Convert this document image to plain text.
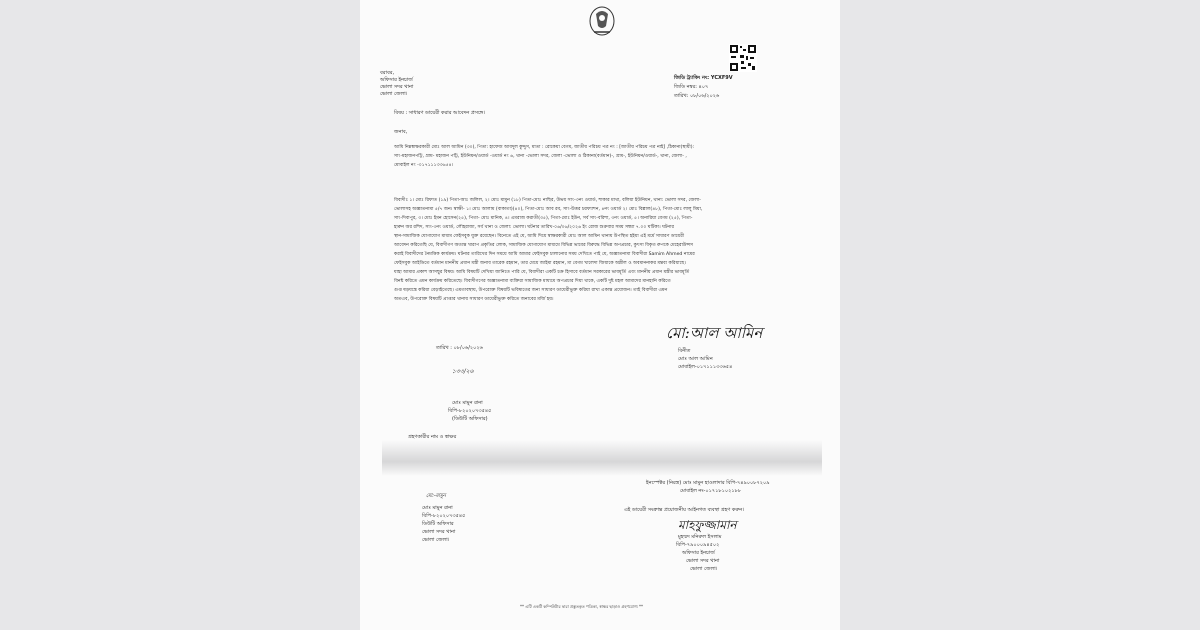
বরাবর,
অফিসার ইনচার্জ
ভোলা সদর থানা
ভোলা জেলা।
জিডি ট্র্যাকিং নং: YCXF9V
জিডি নম্বর: ৪০৭
তারিখ: ০৮/০৬/২০২৬
বিষয় : সাধারণ ডায়েরী করার আবেদন প্রসঙ্গে।
জনাব,
আমি নিম্নস্বাক্ষরকারী মোঃ আল আমিন (৩০), পিতা: হাফেজ আবদুল কুদ্দুস, মাতা : রোকেয়া বেগম, জাতীয় পরিচয় পত্র নং : [জাতীয় পরিচয় পত্র নাই] ,ঠিকানা(স্থায়ী):
সাং-মহাজনপট্টি, গ্রাম- মহাজন পট্টি, ইউনিয়ন/ওয়ার্ড -ওয়ার্ড নং ৬, থানা -ভোলা সদর, জেলা -ভোলা ও ঠিকানা(বর্তমান)-, গ্রাম-, ইউনিয়ন/ওয়ার্ড-, থানা, জেলা- ,
মোবাইল নং -০১৭১১১৩৩৬৫৪।
বিবাদীঃ ১। মোঃ রিফাত (১৯) পিতা-আঃ জলিল, ২। মোঃ মামুন (১৮) পিতা-মোঃ নাছির, উভয় সাং-৩নং ওয়ার্ড, শাকার মাথা, বলিয়া ইউনিয়ন, থানা: ভোলা সদর, জেলা-
ভোলাসহ অজ্ঞাতনামা ৫/৭ জন। স্বাক্ষী- ১। মোঃ আলাম (বাকাতা)(৪০), পিতা-মোঃ আব রব, সাং-উত্তর চরফ্যাশন, ৪নং ওয়ার্ড ২। মোঃ বিল্লাল(৪৮), পিতা-মোঃ লালু মিয়া,
সাং-দিবাপুর, ৩। মোঃ ইমন হোসেন(২৫), পিতা- মোঃ মানিক, ৪। এমরাজ করাতী(৩৫), পিতা-মোঃ ইউন, সর্ব সাং-বরিশা, ৩নং ওয়ার্ড, ৫। অনারিয়া বেগম (২৫), পিতা-
হারুন অর রশিদ, সাং-৩নং ওয়ার্ড, লৌহরাজা, সর্ব থানা ও জেলা: ভোলা। ঘটনার তারিখ-০৬/০৬/২০২৬ ইং রোজ শুক্রবার সময় সন্ধ্যা ৭.০০ ঘটিকা। ঘটনার
স্থান-সামাজিক যোগাযোগ মাধ্যম ফেইসবুক যুক্ত রয়েছেন। বিনেতে এই যে, আমি দিয়ে স্বাক্ষরকারী মোঃ আল আমিন থানায় উপস্থিত হইয়া এই মর্মে সাধারণ ডায়েরী
আবেদন করিতেছি যে, বিবাদীগণ অত্যন্ত খারাপ প্রকৃতির লোক, সামাজিক যোগাযোগ মাধ্যমে বিভিন্ন ভাবের বিরুদ্ধে বিভিন্ন অপপ্রচার, কুৎসা বিকৃত রুপকে মেহেরাউন্সস
করাই বিবাদীদের নৈমত্তিক কার্যক্রম। ঘটনার তারিখের দিন সময়ে আমি আমার ফেইসবুক চালানোর সময় দেখিতে পাই যে, অজ্ঞাতনামা বিবাদীরা Samim Ahmed নামের
ফেইসবুক আইডিতে বর্তমান মাননীয় প্রধান মন্ত্রী জনাব তারেক রহমান, তার মেয়ে জাইমা রহমান, মা বেগম খালেদা জিয়াকে অশ্লীল ও অবমাননাকর মন্তব্য করিয়াছে।
যাহা আমার প্রকাশ আসছুর বিষয়। আমি বিষয়টি দেখিয়া জানিতে পারি যে, বিবাদীরা একটি চক্র হিসাবে বর্তমান সরকারের ভাবমূর্তি এবং মাননীয় প্রধান মন্ত্রীর ভাবমূর্তি
বিনষ্ট করিতে এমন কার্যক্রম করিতেছে। বিবাদীগণের অজ্ঞাতনামা ব্যক্তিরা সামাজিক মাধ্যমে অপপ্রচার দিয়া থাকে, একটি দুষ্ট মহল আমাদের মানহানি করিতে
গুপ্ত ষড়যন্ত্রে করিয়া বেড়াইতেছে। এমতাবস্থায়, উপরোক্ত বিষয়টি ভবিষ্যতের জন্য সাধারণ ডায়েরীভুক্ত করিয়া রাখা একান্ত প্রয়োজন। তাই বিবাদীরা এমন
অতএব, উপরোক্ত বিষয়টি প্রাপ্তার থানায় সাধারণ ডায়েরীভুক্ত করিতে জনাবের মর্জি হয়।
তারিখ : ০৮/০৬/২০২৬
মো:আল আমিন
বিনীত
মোঃ আল আমিন
মোবাইল-০১৭১১১৩৩৬৫৪
১৩৩/২৬
মোঃ মামুন রানা
বিপি-৮২০২০৭৩৫৪৫
(ডিউটি অফিসার)
গ্রহণকারীর নাম ও স্বাক্ষর
মো:-মামুন
মোঃ মামুন রানা
বিপি-৮২০২০৭৩৫৪৫
ডিউটি অফিসার
ভোলা সদর থানা
ভোলা জেলা।
ইনস্পেক্টর (নিরস্ত্র) মোঃ মামুন হাওলাদার বিপি-৭৪৯০০৮৭২০৯
মোবাইল নং-০১৭১৮১০২১৮৮
এই ডায়েরী সংক্রান্ত প্রয়োজনীয় আইনগত ব্যবস্থা গ্রহণ করুন।
মাহফুজ্জামান
মুহম্মদ মনিরুল ইসলাম
বিপি-৭৯০০০৯৪৫০২
অফিসার ইনচার্জ
ভোলা সদর থানা
ভোলা জেলা।
** এটি একটি কম্পিউটার দ্বারা প্রস্তুতকৃত পত্রিকা, স্বাক্ষর ছাড়াও গ্রহণযোগ্য **
